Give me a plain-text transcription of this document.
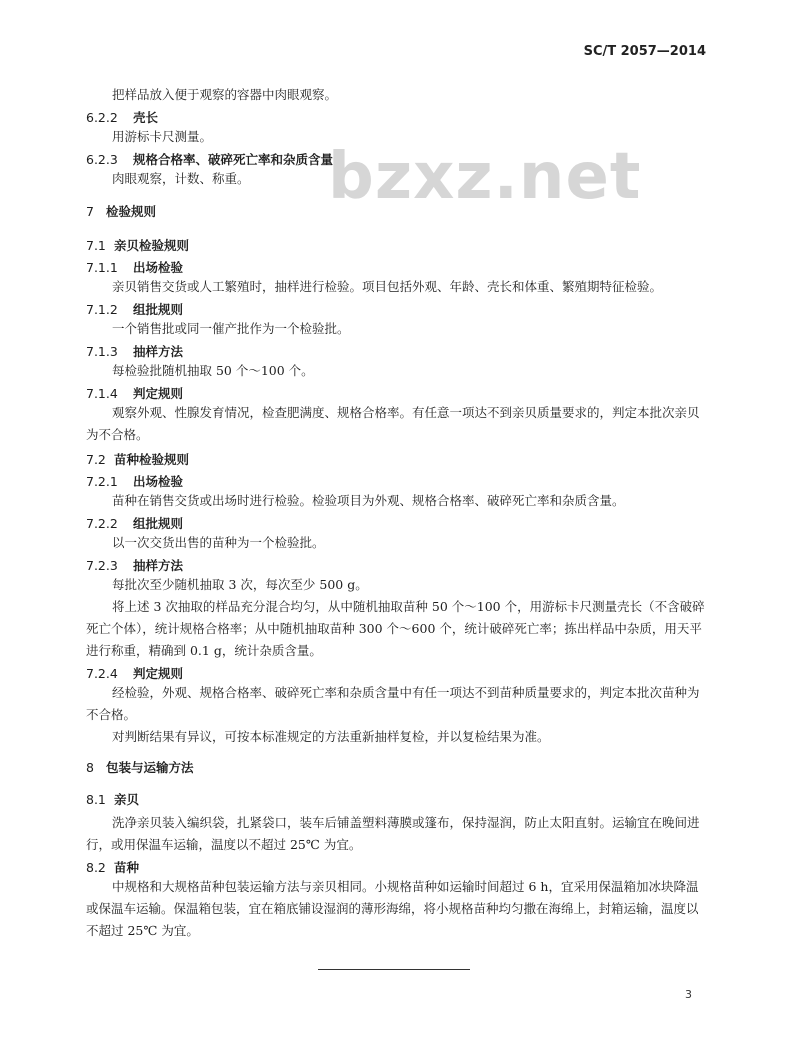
SC/T 2057—2014
bzxz.net

把样品放入便于观察的容器中肉眼观察。

6.2.2	壳长

用游标卡尺测量。

6.2.3	规格合格率、破碎死亡率和杂质含量

肉眼观察，计数、称重。

7 检验规则
7.1 亲贝检验规则
7.1.1	出场检验

亲贝销售交货或人工繁殖时，抽样进行检验。项目包括外观、年龄、壳长和体重、繁殖期特征检验。

7.1.2	组批规则

一个销售批或同一催产批作为一个检验批。

7.1.3	抽样方法

每检验批随机抽取 50 个～100 个。

7.1.4	判定规则

观察外观、性腺发育情况，检查肥满度、规格合格率。有任意一项达不到亲贝质量要求的，判定本批次亲贝为不合格。

7.2 苗种检验规则
7.2.1	出场检验

苗种在销售交货或出场时进行检验。检验项目为外观、规格合格率、破碎死亡率和杂质含量。

7.2.2	组批规则

以一次交货出售的苗种为一个检验批。

7.2.3	抽样方法

每批次至少随机抽取 3 次，每次至少 500 g。

将上述 3 次抽取的样品充分混合均匀，从中随机抽取苗种 50 个～100 个，用游标卡尺测量壳长（不含破碎死亡个体），统计规格合格率；从中随机抽取苗种 300 个～600 个，统计破碎死亡率；拣出样品中杂质，用天平进行称重，精确到 0.1 g，统计杂质含量。

7.2.4	判定规则

经检验，外观、规格合格率、破碎死亡率和杂质含量中有任一项达不到苗种质量要求的，判定本批次苗种为不合格。

对判断结果有异议，可按本标准规定的方法重新抽样复检，并以复检结果为准。

8 包装与运输方法
8.1 亲贝

洗净亲贝装入编织袋，扎紧袋口，装车后铺盖塑料薄膜或篷布，保持湿润，防止太阳直射。运输宜在晚间进行，或用保温车运输，温度以不超过 25℃ 为宜。

8.2 苗种

中规格和大规格苗种包装运输方法与亲贝相同。小规格苗种如运输时间超过 6 h，宜采用保温箱加冰块降温或保温车运输。保温箱包装，宜在箱底铺设湿润的薄形海绵，将小规格苗种均匀撒在海绵上，封箱运输，温度以不超过 25℃ 为宜。

3
